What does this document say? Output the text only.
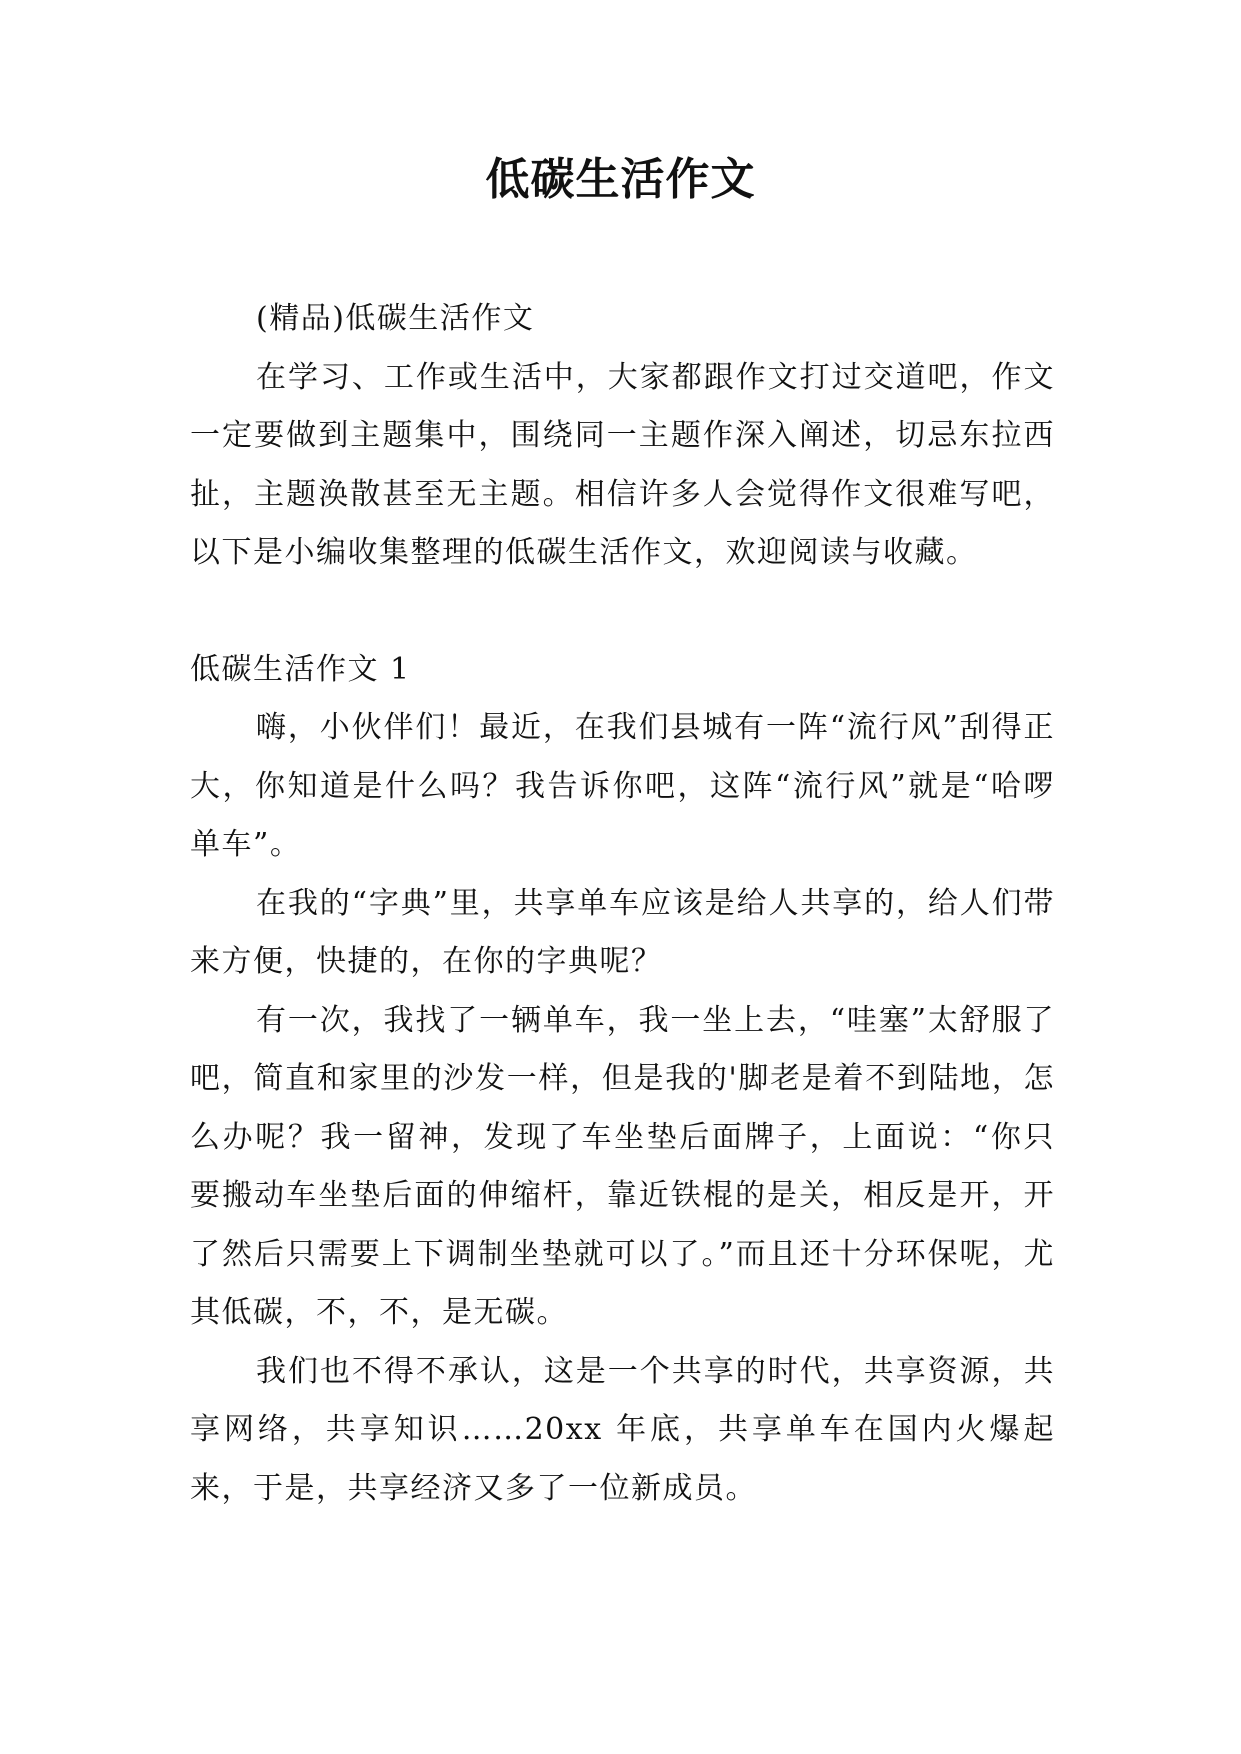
低碳生活作文

(精品)低碳生活作文

在学习、工作或生活中，大家都跟作文打过交道吧，作文一定要做到主题集中，围绕同一主题作深入阐述，切忌东拉西扯，主题涣散甚至无主题。相信许多人会觉得作文很难写吧，以下是小编收集整理的低碳生活作文，欢迎阅读与收藏。

低碳生活作文 1

嗨，小伙伴们！最近，在我们县城有一阵“流行风”刮得正大，你知道是什么吗？我告诉你吧，这阵“流行风”就是“哈啰单车”。

在我的“字典”里，共享单车应该是给人共享的，给人们带来方便，快捷的，在你的字典呢？

有一次，我找了一辆单车，我一坐上去，“哇塞”太舒服了吧，简直和家里的沙发一样，但是我的'脚老是着不到陆地，怎么办呢？我一留神，发现了车坐垫后面牌子，上面说：“你只要搬动车坐垫后面的伸缩杆，靠近铁棍的是关，相反是开，开了然后只需要上下调制坐垫就可以了。”而且还十分环保呢，尤其低碳，不，不，是无碳。

我们也不得不承认，这是一个共享的时代，共享资源，共享网络，共享知识……20xx 年底，共享单车在国内火爆起来，于是，共享经济又多了一位新成员。
